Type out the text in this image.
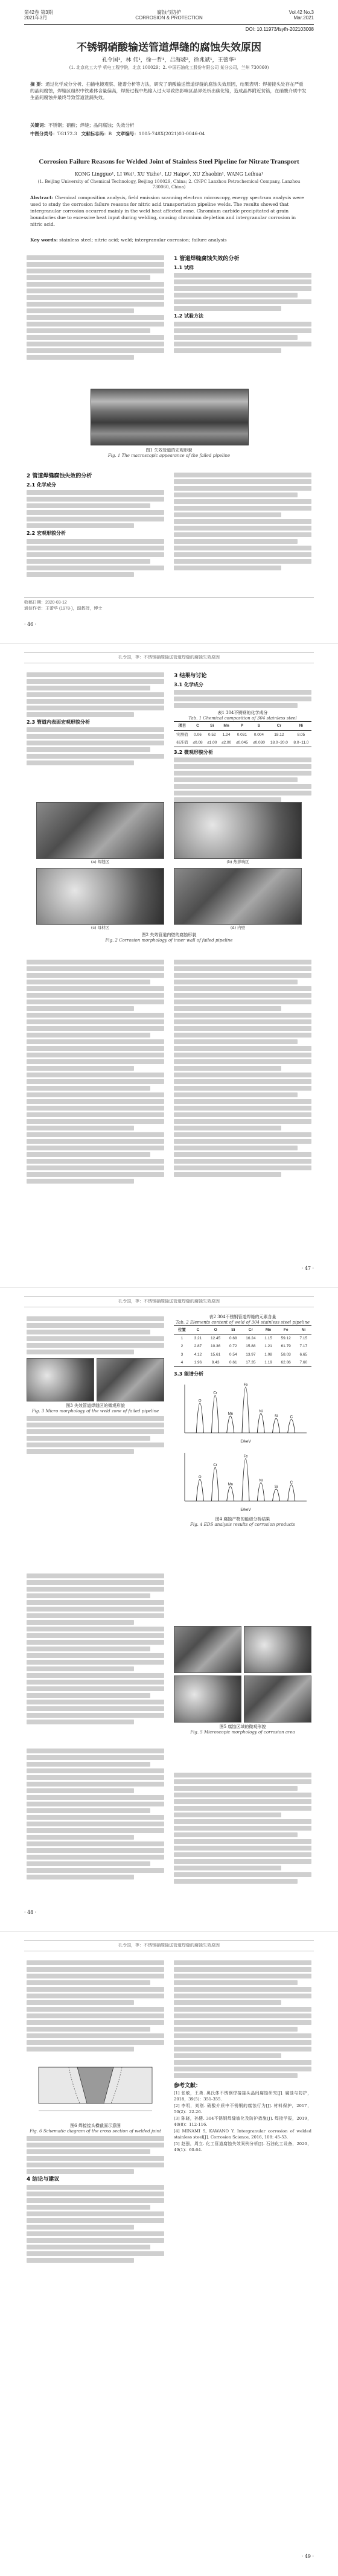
第42卷 第3期
2021年3月
腐蚀与防护
CORROSION & PROTECTION
Vol.42 No.3
Mar.2021
DOI: 10.11973/fsyfh-202103008
不锈钢硝酸输送管道焊缝的腐蚀失效原因
孔令国¹，林 伟¹，徐一哲¹，吕海坡²，徐兆斌¹，王蕾华¹
(1. 北京化工大学 机电工程学院，北京 100029；2. 中国石油化工股份有限公司 某分公司，兰州 730060)
摘 要：通过化学成分分析、扫描电镜观察、能谱分析等方法，研究了硝酸输送管道焊缝的腐蚀失效原因，结果表明：焊接接头处存在严重的晶间腐蚀，焊缝区组织中铁素体含量偏高，焊接过程中热输入过大导致热影响区晶界处析出碳化铬，造成晶界附近贫铬，在硝酸介质中发生晶间腐蚀并最终导致管道泄漏失效。
关键词：不锈钢；硝酸；焊缝；晶间腐蚀；失效分析
中图分类号：TG172.3 文献标志码：B 文章编号：1005-748X(2021)03-0046-04
Corrosion Failure Reasons for Welded Joint of Stainless Steel Pipeline for Nitrate Transport
KONG Lingguo¹, LI Wei¹, XU Yizhe¹, LU Haipo², XU Zhaobin¹, WANG Leihua¹
(1. Beijing University of Chemical Technology, Beijing 100029, China; 2. CNPC Lanzhou Petrochemical Company, Lanzhou 730060, China)
Abstract: Chemical composition analysis, field emission scanning electron microscopy, energy spectrum analysis were used to study the corrosion failure reasons for nitric acid transportation pipeline welds. The results showed that intergranular corrosion occurred mainly in the weld heat affected zone. Chromium carbide precipitated at grain boundaries due to excessive heat input during welding, causing chromium depletion and intergranular corrosion in nitric acid.
Key words: stainless steel; nitric acid; weld; intergranular corrosion; failure analysis
1 管道焊缝腐蚀失效的分析
1.1 试样
1.2 试验方法
图1 失效管道的宏观形貌
Fig. 1 The macroscopic appearance of the failed pipeline
2 管道焊缝腐蚀失效的分析
2.1 化学成分
2.2 宏观形貌分析
收稿日期：2020-03-12
通信作者：王蕾华 (1978-)，副教授，博士
· 46 ·
孔令国，等：不锈钢硝酸输送管道焊缝的腐蚀失效原因
2.3 管道内表面宏观形貌分析
3 结果与讨论
3.1 化学成分
表1 304不锈钢的化学成分
Tab. 1 Chemical composition of 304 stainless steel
项目	C	Si	Mn	P	S	Cr	Ni
实测值	0.06	0.52	1.24	0.031	0.004	18.12	8.05
标准值	≤0.08	≤1.00	≤2.00	≤0.045	≤0.030	18.0~20.0	8.0~11.0
3.2 微观形貌分析
(a) 焊缝区	(b) 热影响区
(c) 母材区	(d) 内壁
图2 失效管道内壁的腐蚀形貌
Fig. 2 Corrosion morphology of inner wall of failed pipeline
· 47 ·
孔令国，等：不锈钢硝酸输送管道焊缝的腐蚀失效原因
图3 失效管道焊缝区的微观形貌
Fig. 3 Micro morphology of the weld zone of failed pipeline
表2 304不锈钢管道焊缝的元素含量
Tab. 2 Elements content of weld of 304 stainless steel pipeline
位置	C	O	Si	Cr	Mn	Fe	Ni
1	3.21	12.45	0.68	16.24	1.15	59.12	7.15
2	2.87	10.36	0.72	15.88	1.21	61.79	7.17
3	4.12	15.61	0.54	13.97	1.08	58.03	6.65
4	1.96	8.43	0.61	17.35	1.19	62.86	7.60
3.3 能谱分析
O
Cr
Mn
Fe
Ni
Si	C
E/keV

O
Cr
Mn
Fe
Ni
Si
C
E/keV
图4 腐蚀产物的能谱分析结果
Fig. 4 EDS analysis results of corrosion products
图5 腐蚀区域的微观形貌
Fig. 5 Microscopic morphology of corrosion area
· 48 ·
孔令国，等：不锈钢硝酸输送管道焊缝的腐蚀失效原因
图6 焊接接头横截面示意图
Fig. 6 Schematic diagram of the cross section of welded joint
4 结论与建议
参考文献：
[1] 张敏，王勇. 奥氏体不锈钢焊接接头晶间腐蚀研究[J]. 腐蚀与防护，2018，39(5)：351-355.
[2] 李明，刘刚. 硝酸介质中不锈钢的腐蚀行为[J]. 材料保护，2017，50(2)：22-26.
[3] 陈晓，孙健. 304不锈钢焊缝敏化及防护措施[J]. 焊接学报，2019，40(8)：112-116.
[4] MINAMI S, KAWANO Y. Intergranular corrosion of welded stainless steel[J]. Corrosion Science, 2016, 108: 45-53.
[5] 赵强，周立. 化工管道腐蚀失效案例分析[J]. 石油化工设备，2020，49(1)：60-64.
· 49 ·
